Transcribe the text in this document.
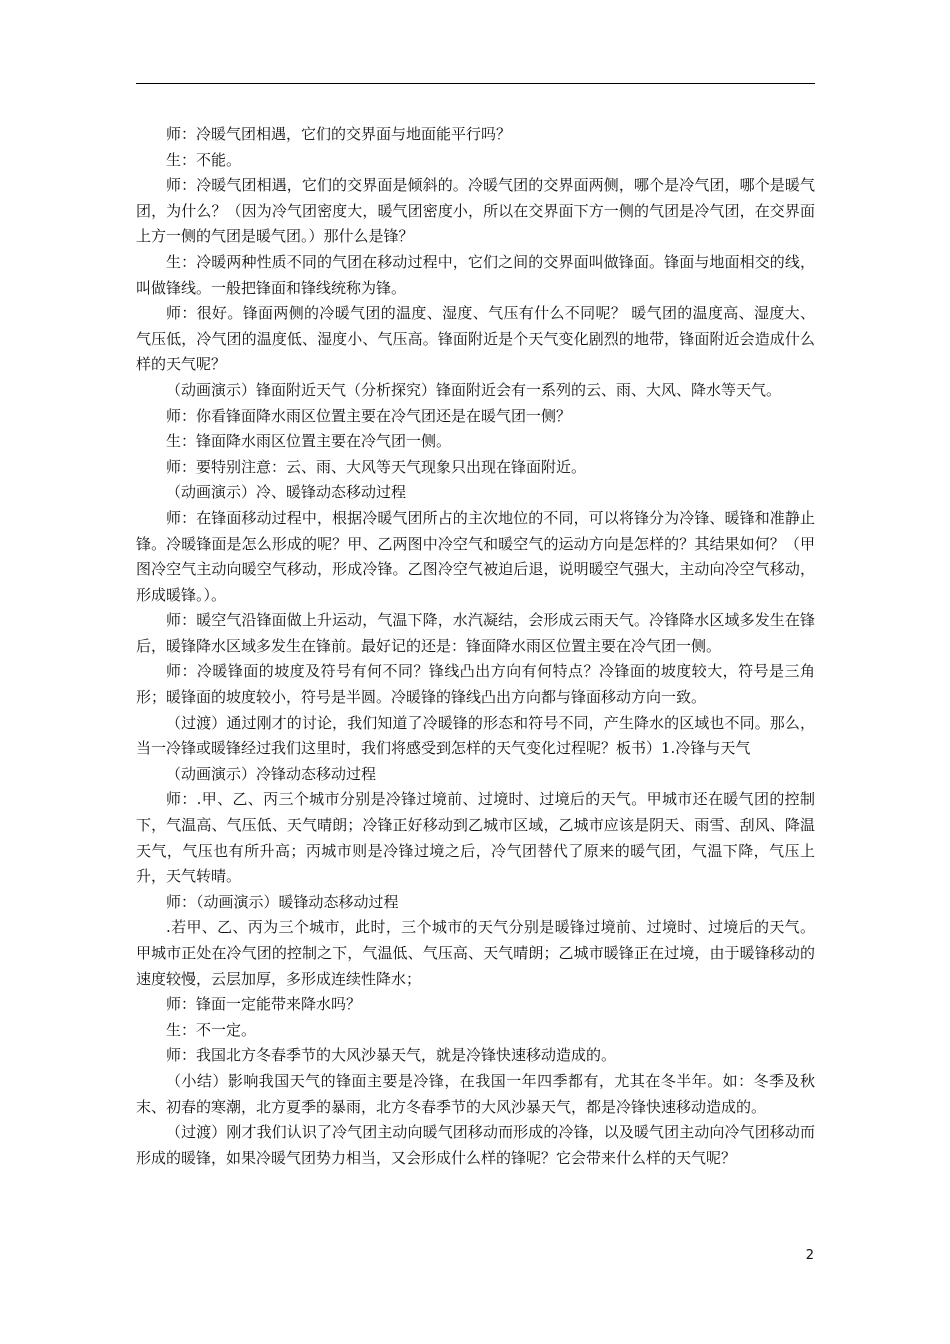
师：冷暖气团相遇，它们的交界面与地面能平行吗？

生：不能。

师：冷暖气团相遇，它们的交界面是倾斜的。冷暖气团的交界面两侧，哪个是冷气团，哪个是暖气团，为什么？（因为冷气团密度大，暖气团密度小，所以在交界面下方一侧的气团是冷气团，在交界面上方一侧的气团是暖气团。）那什么是锋？

生：冷暖两种性质不同的气团在移动过程中，它们之间的交界面叫做锋面。锋面与地面相交的线，叫做锋线。一般把锋面和锋线统称为锋。

师：很好。锋面两侧的冷暖气团的温度、湿度、气压有什么不同呢？ 暖气团的温度高、湿度大、气压低，冷气团的温度低、湿度小、气压高。锋面附近是个天气变化剧烈的地带，锋面附近会造成什么样的天气呢？

（动画演示）锋面附近天气（分析探究）锋面附近会有一系列的云、雨、大风、降水等天气。

师：你看锋面降水雨区位置主要在冷气团还是在暖气团一侧？

生：锋面降水雨区位置主要在冷气团一侧。

师：要特别注意：云、雨、大风等天气现象只出现在锋面附近。

（动画演示）冷、暖锋动态移动过程

师：在锋面移动过程中，根据冷暖气团所占的主次地位的不同，可以将锋分为冷锋、暖锋和准静止锋。冷暖锋面是怎么形成的呢？甲、乙两图中冷空气和暖空气的运动方向是怎样的？其结果如何？（甲图冷空气主动向暖空气移动，形成冷锋。乙图冷空气被迫后退，说明暖空气强大，主动向冷空气移动，形成暖锋。）。

师：暖空气沿锋面做上升运动，气温下降，水汽凝结，会形成云雨天气。冷锋降水区域多发生在锋后，暖锋降水区域多发生在锋前。最好记的还是：锋面降水雨区位置主要在冷气团一侧。

师：冷暖锋面的坡度及符号有何不同？锋线凸出方向有何特点？冷锋面的坡度较大，符号是三角形；暖锋面的坡度较小，符号是半圆。冷暖锋的锋线凸出方向都与锋面移动方向一致。

（过渡）通过刚才的讨论，我们知道了冷暖锋的形态和符号不同，产生降水的区域也不同。那么，当一冷锋或暖锋经过我们这里时，我们将感受到怎样的天气变化过程呢？板书）1.冷锋与天气

（动画演示）冷锋动态移动过程

师：.甲、乙、丙三个城市分别是冷锋过境前、过境时、过境后的天气。甲城市还在暖气团的控制下，气温高、气压低、天气晴朗；冷锋正好移动到乙城市区域，乙城市应该是阴天、雨雪、刮风、降温天气，气压也有所升高；丙城市则是冷锋过境之后，冷气团替代了原来的暖气团，气温下降，气压上升，天气转晴。

师：（动画演示）暖锋动态移动过程

.若甲、乙、丙为三个城市，此时，三个城市的天气分别是暖锋过境前、过境时、过境后的天气。甲城市正处在冷气团的控制之下，气温低、气压高、天气晴朗；乙城市暖锋正在过境，由于暖锋移动的速度较慢，云层加厚，多形成连续性降水；

师：锋面一定能带来降水吗？

生：不一定。

师：我国北方冬春季节的大风沙暴天气，就是冷锋快速移动造成的。

（小结）影响我国天气的锋面主要是冷锋，在我国一年四季都有，尤其在冬半年。如：冬季及秋末、初春的寒潮，北方夏季的暴雨，北方冬春季节的大风沙暴天气，都是冷锋快速移动造成的。

（过渡）刚才我们认识了冷气团主动向暖气团移动而形成的冷锋，以及暖气团主动向冷气团移动而形成的暖锋，如果冷暖气团势力相当，又会形成什么样的锋呢？它会带来什么样的天气呢？

2
